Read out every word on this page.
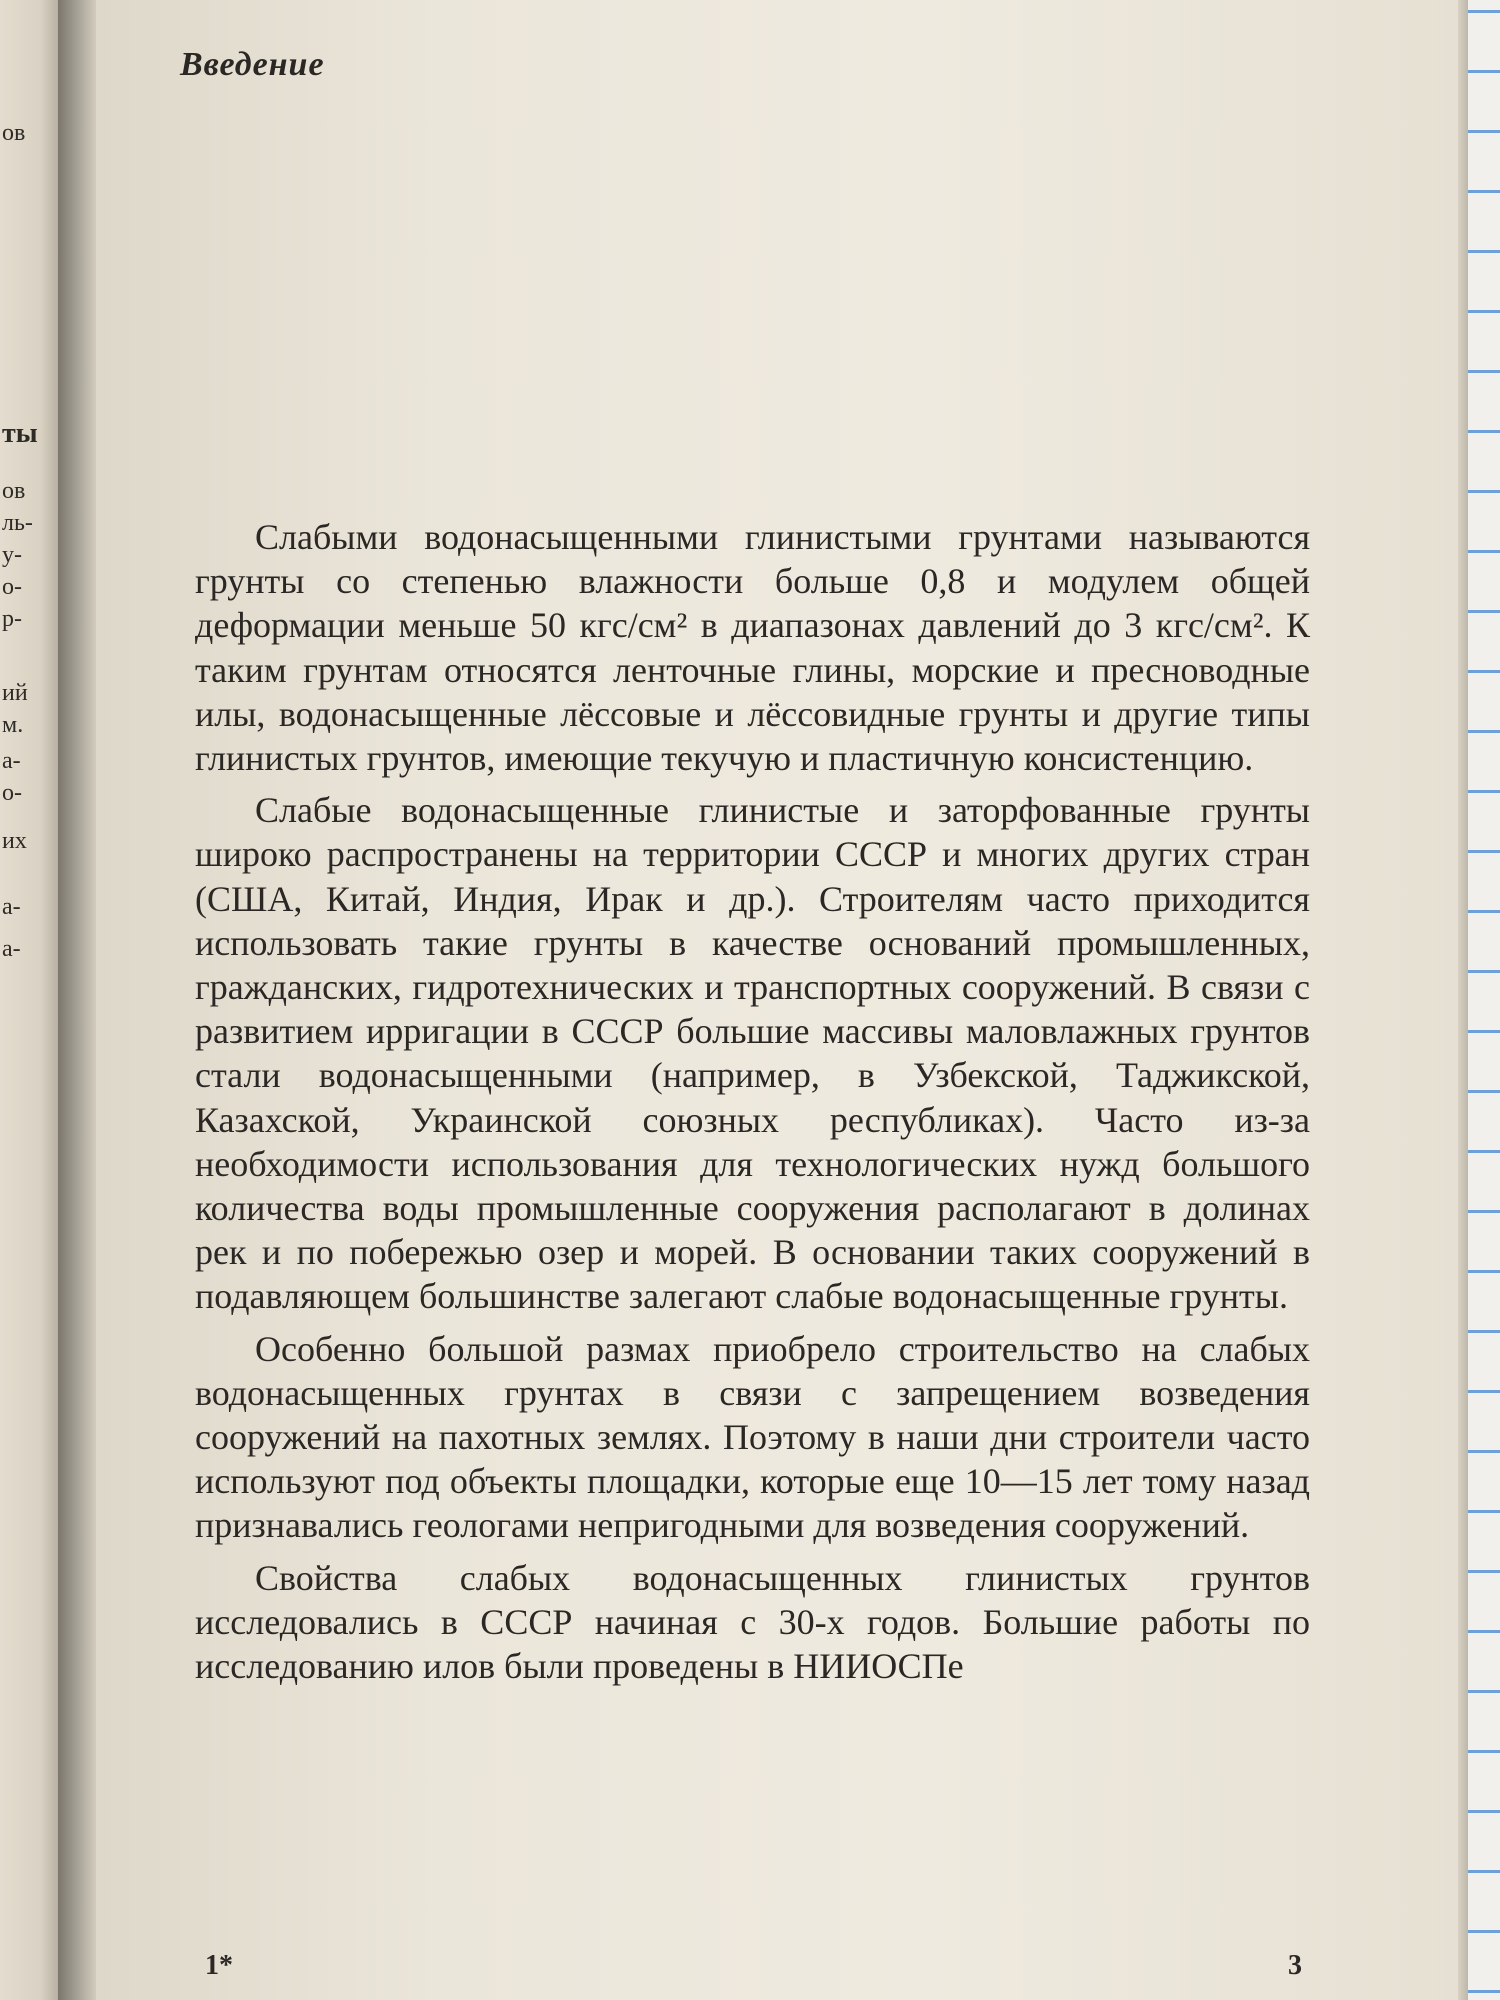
ов
ты
ов
ль-
у-
о-
р-
ий
м.
а-
о-
их
а-
а-
Введение

Слабыми водонасыщенными глинистыми грунтами называются грунты со степенью влажности больше 0,8 и модулем общей деформации меньше 50 кгс/см² в диапазонах давлений до 3 кгс/см². К таким грунтам относятся ленточные глины, морские и пресноводные илы, водонасыщенные лёссовые и лёссовидные грунты и другие типы глинистых грунтов, имеющие текучую и пластичную консистенцию.

Слабые водонасыщенные глинистые и заторфованные грунты широко распространены на территории СССР и многих других стран (США, Китай, Индия, Ирак и др.). Строителям часто приходится использовать такие грунты в качестве оснований промышленных, гражданских, гидротехнических и транспортных сооружений. В связи с развитием ирригации в СССР большие массивы маловлажных грунтов стали водонасыщенными (например, в Узбекской, Таджикской, Казахской, Украинской союзных республиках). Часто из-за необходимости использования для технологических нужд большого количества воды промышленные сооружения располагают в долинах рек и по побережью озер и морей. В основании таких сооружений в подавляющем большинстве залегают слабые водонасыщенные грунты.

Особенно большой размах приобрело строительство на слабых водонасыщенных грунтах в связи с запрещением возведения сооружений на пахотных землях. Поэтому в наши дни строители часто используют под объекты площадки, которые еще 10—15 лет тому назад признавались геологами непригодными для возведения сооружений.

Свойства слабых водонасыщенных глинистых грунтов исследовались в СССР начиная с 30-х годов. Большие работы по исследованию илов были проведены в НИИОСПе

1*	3
